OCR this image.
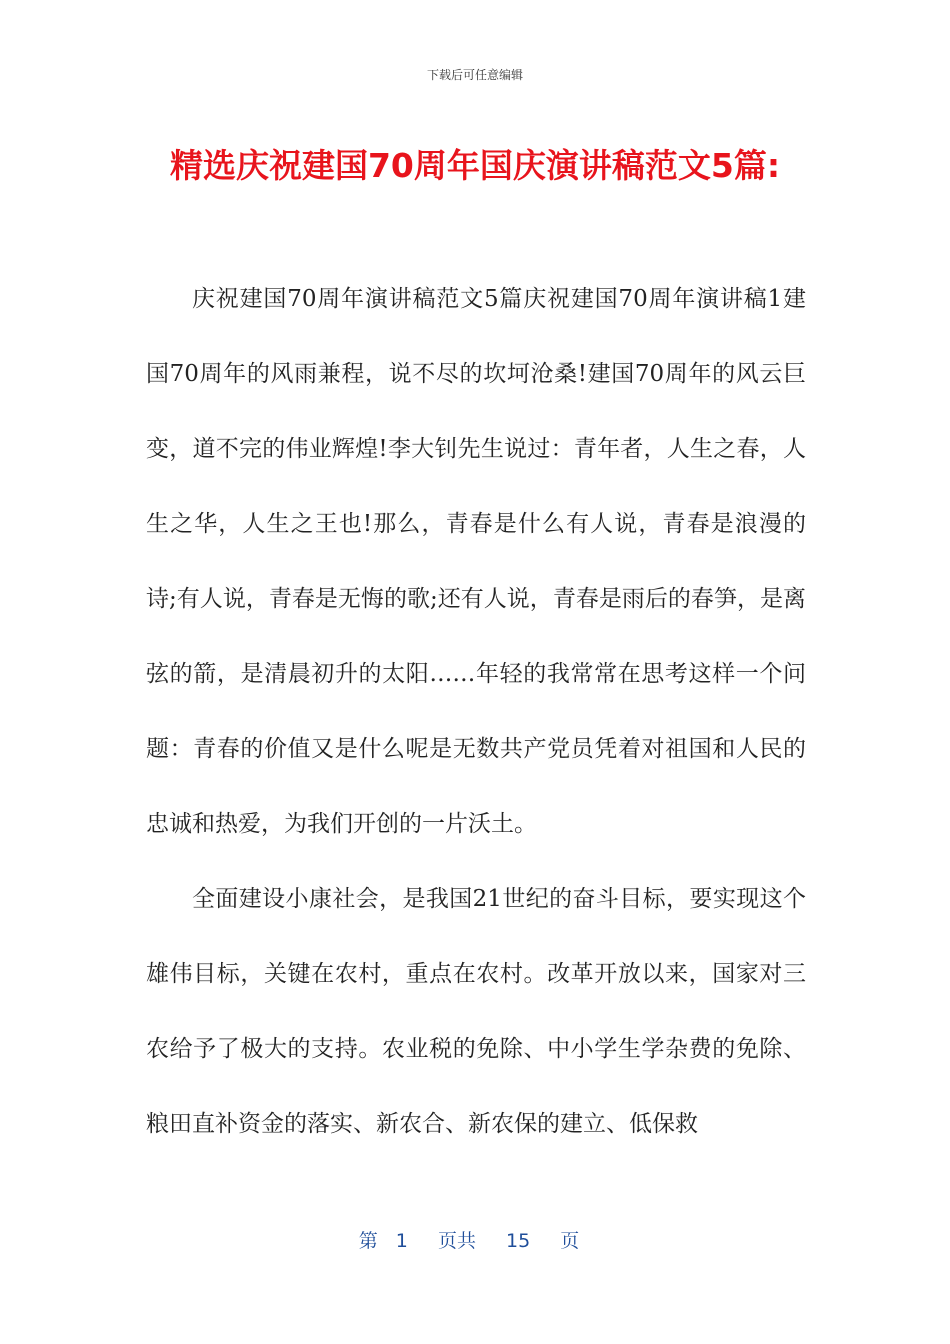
下载后可任意编辑
精选庆祝建国70周年国庆演讲稿范文5篇:

庆祝建国70周年演讲稿范文5篇庆祝建国70周年演讲稿1建国70周年的风雨兼程，说不尽的坎坷沧桑!建国70周年的风云巨变，道不完的伟业辉煌!李大钊先生说过：青年者，人生之春，人生之华，人生之王也!那么，青春是什么有人说，青春是浪漫的诗;有人说，青春是无悔的歌;还有人说，青春是雨后的春笋，是离弦的箭，是清晨初升的太阳……年轻的我常常在思考这样一个问题：青春的价值又是什么呢是无数共产党员凭着对祖国和人民的忠诚和热爱，为我们开创的一片沃土。

全面建设小康社会，是我国21世纪的奋斗目标，要实现这个雄伟目标，关键在农村，重点在农村。改革开放以来，国家对三农给予了极大的支持。农业税的免除、中小学生学杂费的免除、粮田直补资金的落实、新农合、新农保的建立、低保救

第 1 页共 15 页
